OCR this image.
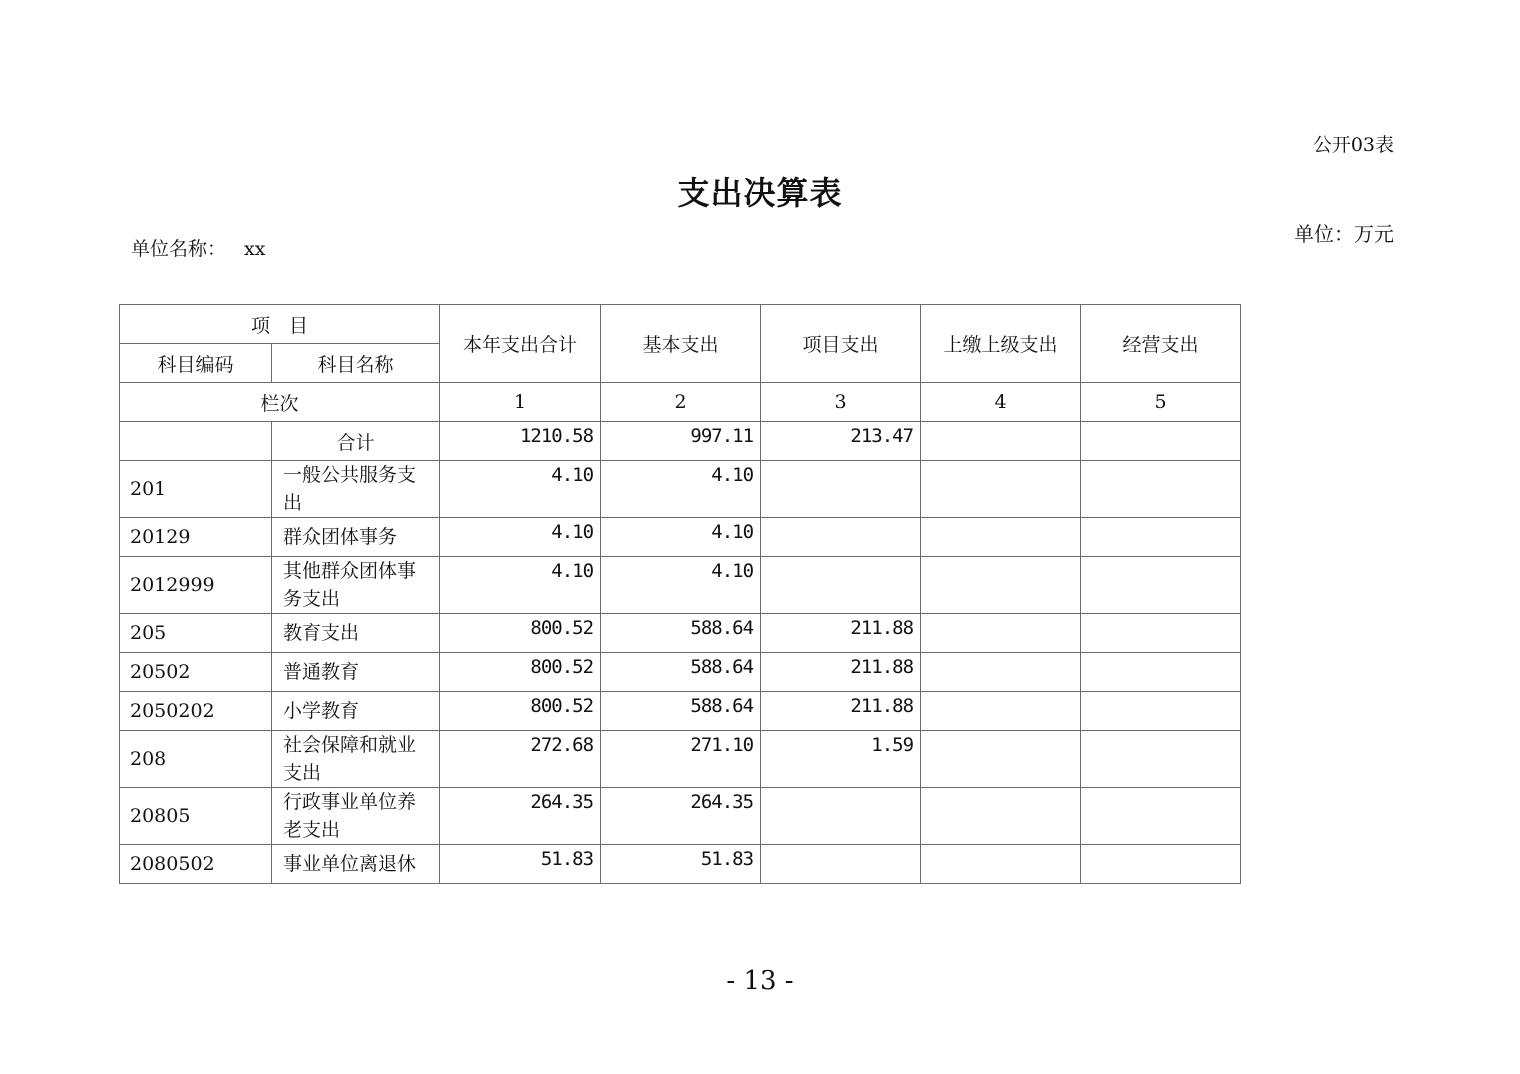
公开03表
支出决算表
单位：万元
单位名称： xx
项　目		本年支出合计	基本支出	项目支出	上缴上级支出	经营支出
科目编码	科目名称					
栏次		1	2	3	4	5
	合计	1210.58	997.11	213.47		
201	一般公共服务支出	4.10	4.10			
20129	群众团体事务	4.10	4.10			
2012999	其他群众团体事务支出	4.10	4.10			
205	教育支出	800.52	588.64	211.88		
20502	普通教育	800.52	588.64	211.88		
2050202	小学教育	800.52	588.64	211.88		
208	社会保障和就业支出	272.68	271.10	1.59		
20805	行政事业单位养老支出	264.35	264.35			
2080502	事业单位离退休	51.83	51.83			
- 13 -
